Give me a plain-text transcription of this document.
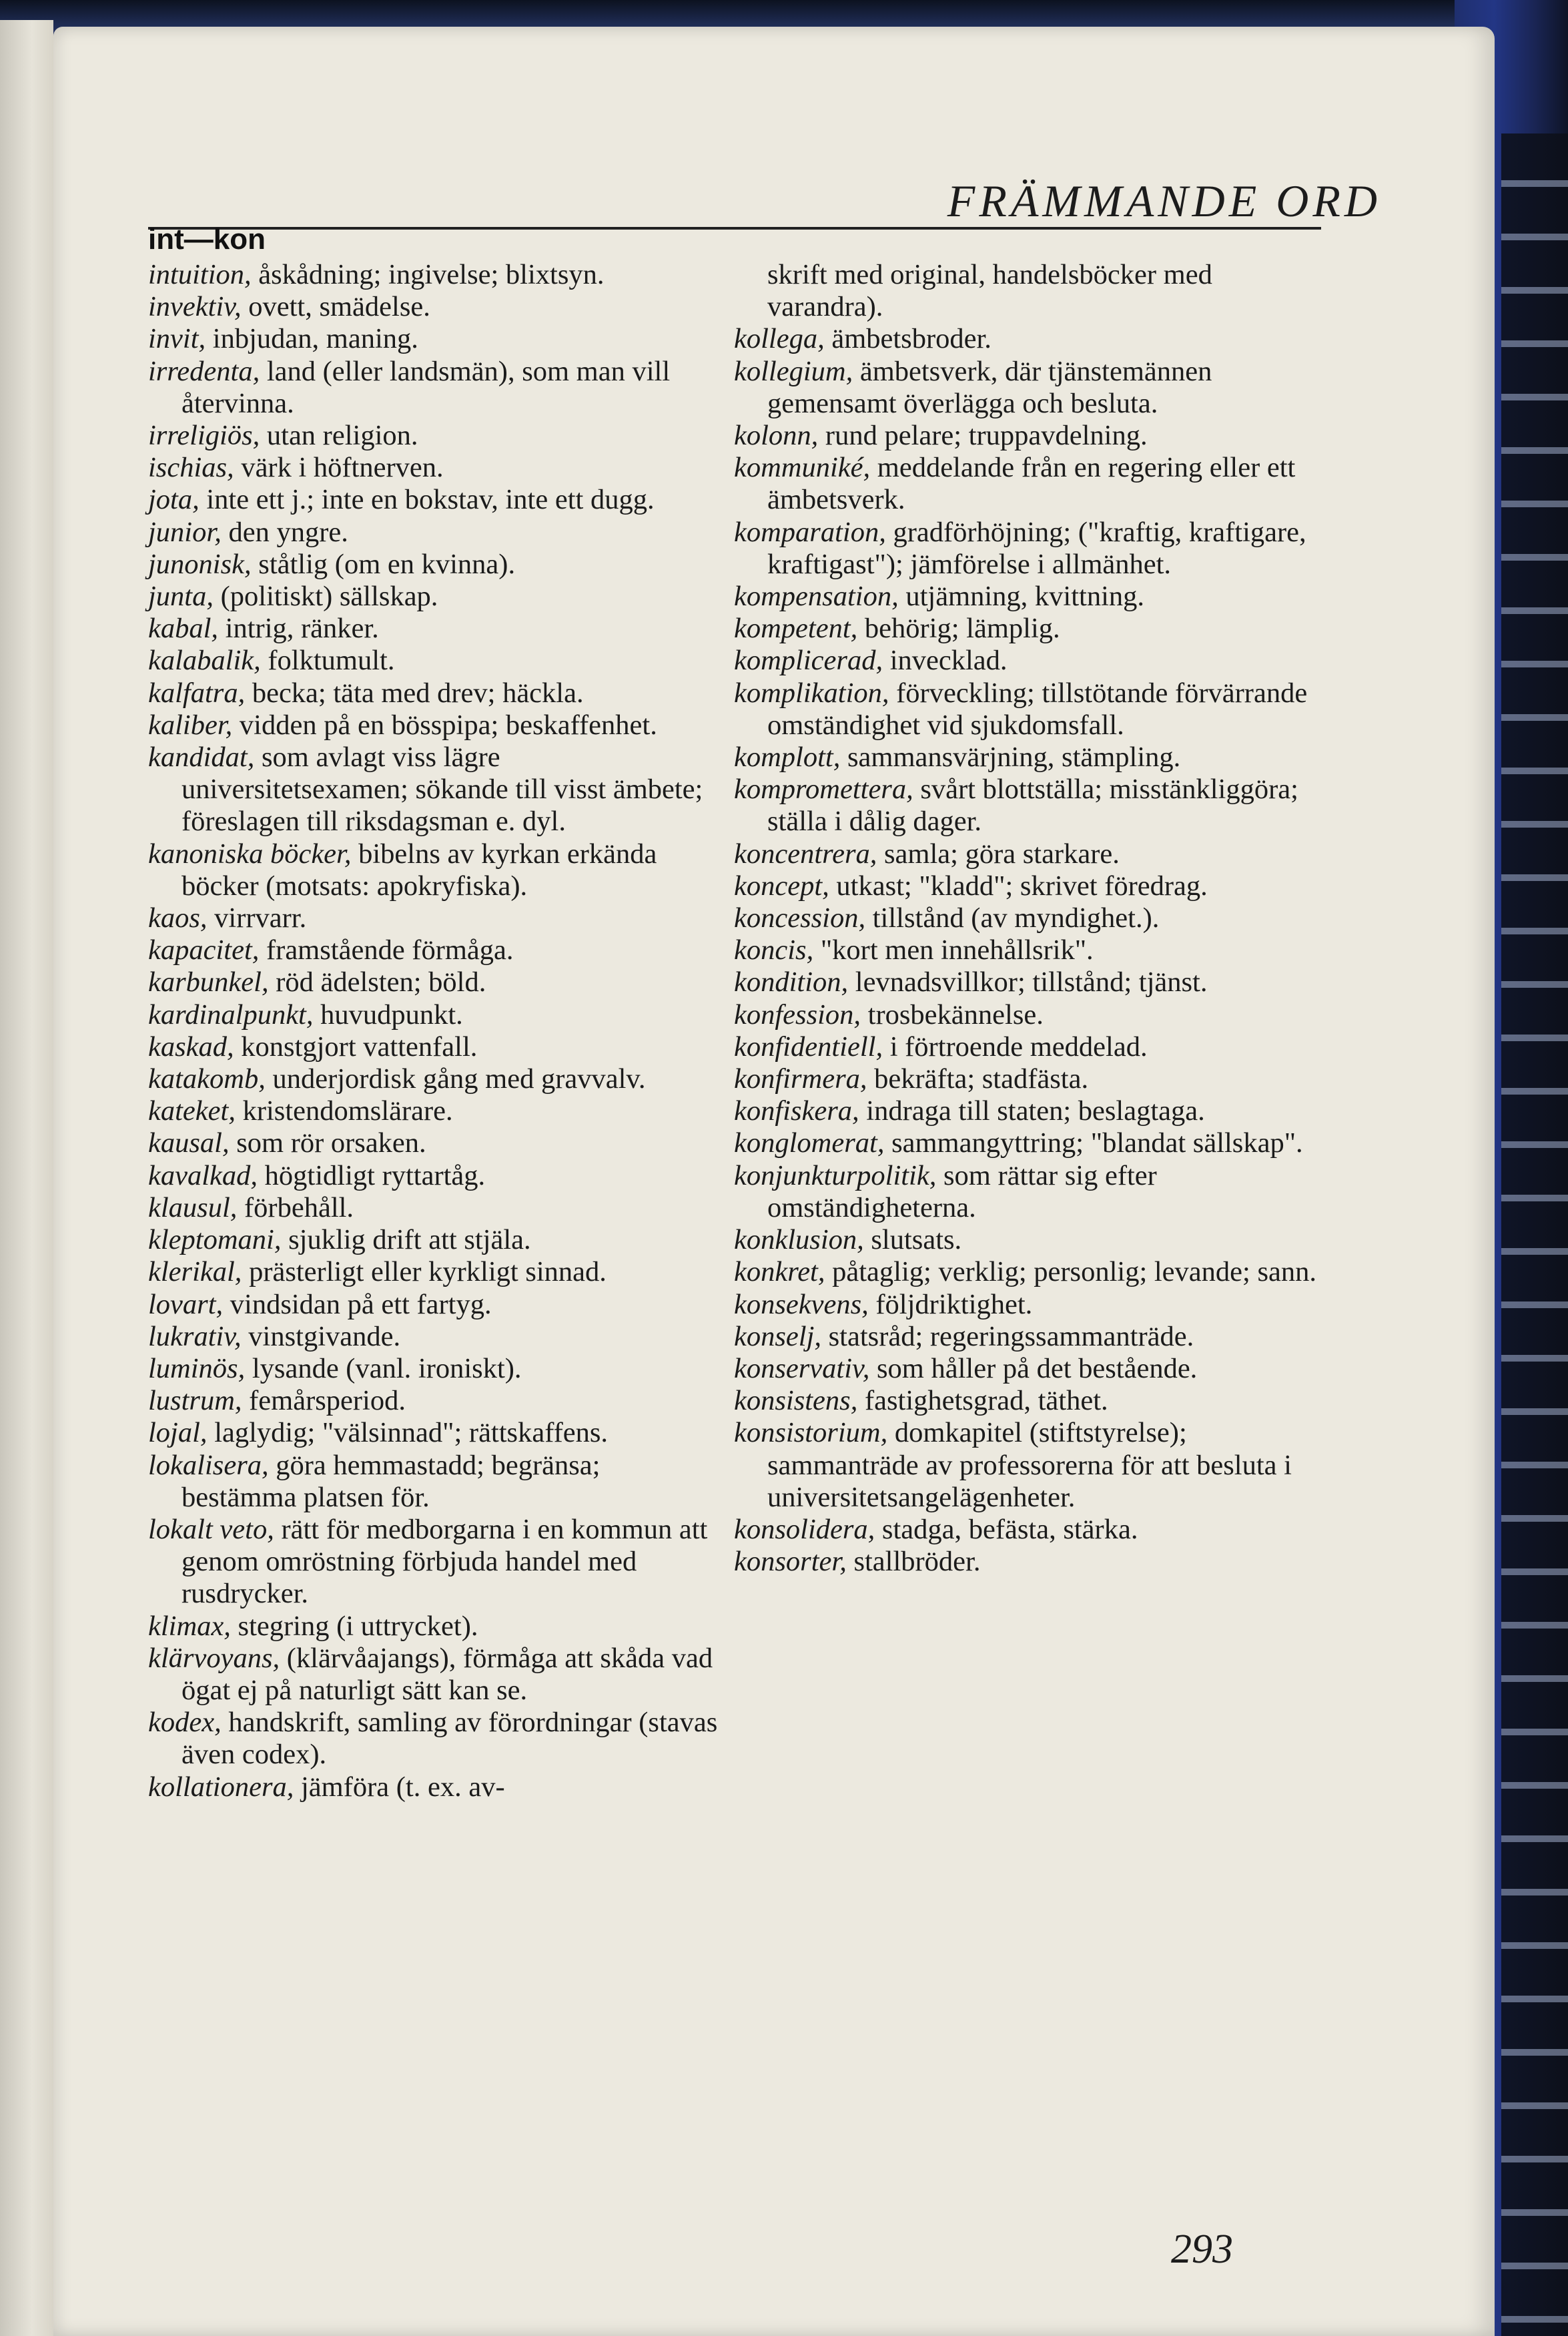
FRÄMMANDE ORD
int—kon

intuition, åskådning; ingivelse; blixtsyn.

invektiv, ovett, smädelse.

invit, inbjudan, maning.

irredenta, land (eller landsmän), som man vill återvinna.

irreligiös, utan religion.

ischias, värk i höftnerven.

jota, inte ett j.; inte en bokstav, inte ett dugg.

junior, den yngre.

junonisk, ståtlig (om en kvinna).

junta, (politiskt) sällskap.

kabal, intrig, ränker.

kalabalik, folktumult.

kalfatra, becka; täta med drev; häckla.

kaliber, vidden på en bösspipa; beskaffenhet.

kandidat, som avlagt viss lägre universitetsexamen; sökande till visst ämbete; föreslagen till riksdagsman e. dyl.

kanoniska böcker, bibelns av kyrkan erkända böcker (motsats: apokryfiska).

kaos, virrvarr.

kapacitet, framstående förmåga.

karbunkel, röd ädelsten; böld.

kardinalpunkt, huvudpunkt.

kaskad, konstgjort vattenfall.

katakomb, underjordisk gång med gravvalv.

kateket, kristendomslärare.

kausal, som rör orsaken.

kavalkad, högtidligt ryttartåg.

klausul, förbehåll.

kleptomani, sjuklig drift att stjäla.

klerikal, prästerligt eller kyrkligt sinnad.

lovart, vindsidan på ett fartyg.

lukrativ, vinstgivande.

luminös, lysande (vanl. ironiskt).

lustrum, femårsperiod.

lojal, laglydig; "välsinnad"; rättskaffens.

lokalisera, göra hemmastadd; begränsa; bestämma platsen för.

lokalt veto, rätt för medborgarna i en kommun att genom omröstning förbjuda handel med rusdrycker.

klimax, stegring (i uttrycket).

klärvoyans, (klärvåajangs), förmåga att skåda vad ögat ej på naturligt sätt kan se.

kodex, handskrift, samling av förordningar (stavas även codex).

kollationera, jämföra (t. ex. av-

skrift med original, handelsböcker med varandra).

kollega, ämbetsbroder.

kollegium, ämbetsverk, där tjänstemännen gemensamt överlägga och besluta.

kolonn, rund pelare; truppavdelning.

kommuniké, meddelande från en regering eller ett ämbetsverk.

komparation, gradförhöjning; ("kraftig, kraftigare, kraftigast"); jämförelse i allmänhet.

kompensation, utjämning, kvittning.

kompetent, behörig; lämplig.

komplicerad, invecklad.

komplikation, förveckling; tillstötande förvärrande omständighet vid sjukdomsfall.

komplott, sammansvärjning, stämpling.

kompromettera, svårt blottställa; misstänkliggöra; ställa i dålig dager.

koncentrera, samla; göra starkare.

koncept, utkast; "kladd"; skrivet föredrag.

koncession, tillstånd (av myndighet.).

koncis, "kort men innehållsrik".

kondition, levnadsvillkor; tillstånd; tjänst.

konfession, trosbekännelse.

konfidentiell, i förtroende meddelad.

konfirmera, bekräfta; stadfästa.

konfiskera, indraga till staten; beslagtaga.

konglomerat, sammangyttring; "blandat sällskap".

konjunkturpolitik, som rättar sig efter omständigheterna.

konklusion, slutsats.

konkret, påtaglig; verklig; personlig; levande; sann.

konsekvens, följdriktighet.

konselj, statsråd; regeringssammanträde.

konservativ, som håller på det bestående.

konsistens, fastighetsgrad, täthet.

konsistorium, domkapitel (stiftstyrelse); sammanträde av professorerna för att besluta i universitetsangelägenheter.

konsolidera, stadga, befästa, stärka.

konsorter, stallbröder.

293
